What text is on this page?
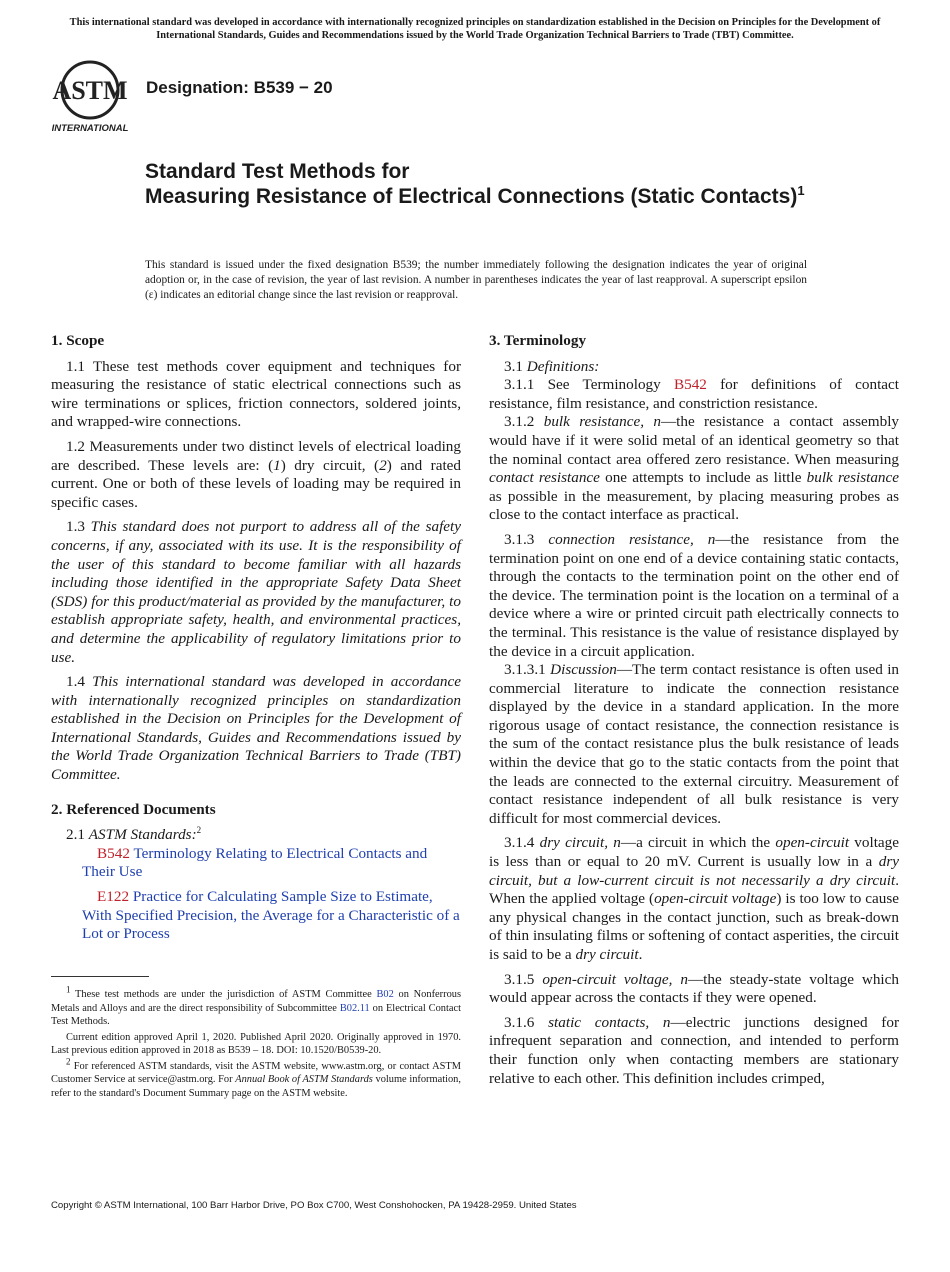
This international standard was developed in accordance with internationally recognized principles on standardization established in the Decision on Principles for the Development of International Standards, Guides and Recommendations issued by the World Trade Organization Technical Barriers to Trade (TBT) Committee.
ASTM
INTERNATIONAL
Designation: B539 − 20
Standard Test Methods for
Measuring Resistance of Electrical Connections (Static Contacts)$^1$
This standard is issued under the fixed designation B539; the number immediately following the designation indicates the year of original adoption or, in the case of revision, the year of last revision. A number in parentheses indicates the year of last reapproval. A superscript epsilon (ε) indicates an editorial change since the last revision or reapproval.
1. Scope

1.1 These test methods cover equipment and techniques for measuring the resistance of static electrical connections such as wire terminations or splices, friction connectors, soldered joints, and wrapped-wire connections.

1.2 Measurements under two distinct levels of electrical loading are described. These levels are: (1) dry circuit, (2) and rated current. One or both of these levels of loading may be required in specific cases.

1.3 This standard does not purport to address all of the safety concerns, if any, associated with its use. It is the responsibility of the user of this standard to become familiar with all hazards including those identified in the appropriate Safety Data Sheet (SDS) for this product/material as provided by the manufacturer, to establish appropriate safety, health, and environmental practices, and determine the applicability of regulatory limitations prior to use.

1.4 This international standard was developed in accordance with internationally recognized principles on standardization established in the Decision on Principles for the Development of International Standards, Guides and Recommendations issued by the World Trade Organization Technical Barriers to Trade (TBT) Committee.

2. Referenced Documents

2.1 ASTM Standards:$^2$

B542 Terminology Relating to Electrical Contacts and Their Use

E122 Practice for Calculating Sample Size to Estimate, With Specified Precision, the Average for a Characteristic of a Lot or Process

$^1$ These test methods are under the jurisdiction of ASTM Committee B02 on Nonferrous Metals and Alloys and are the direct responsibility of Subcommittee B02.11 on Electrical Contact Test Methods.

Current edition approved April 1, 2020. Published April 2020. Originally approved in 1970. Last previous edition approved in 2018 as B539 – 18. DOI: 10.1520/B0539-20.

$^2$ For referenced ASTM standards, visit the ASTM website, www.astm.org, or contact ASTM Customer Service at service@astm.org. For Annual Book of ASTM Standards volume information, refer to the standard's Document Summary page on the ASTM website.

3. Terminology

3.1 Definitions:

3.1.1 See Terminology B542 for definitions of contact resistance, film resistance, and constriction resistance.

3.1.2 bulk resistance, n—the resistance a contact assembly would have if it were solid metal of an identical geometry so that the nominal contact area offered zero resistance. When measuring contact resistance one attempts to include as little bulk resistance as possible in the measurement, by placing measuring probes as close to the contact interface as practical.

3.1.3 connection resistance, n—the resistance from the termination point on one end of a device containing static contacts, through the contacts to the termination point on the other end of the device. The termination point is the location on a terminal of a device where a wire or printed circuit path electrically connects to the terminal. This resistance is the value of resistance displayed by the device in a circuit application.

3.1.3.1 Discussion—The term contact resistance is often used in commercial literature to indicate the connection resistance displayed by the device in a standard application. In the more rigorous usage of contact resistance, the connection resistance is the sum of the contact resistance plus the bulk resistance of leads within the device that go to the static contacts from the point that the leads are connected to the external circuitry. Measurement of contact resistance independent of all bulk resistance is very difficult for most commercial devices.

3.1.4 dry circuit, n—a circuit in which the open-circuit voltage is less than or equal to 20 mV. Current is usually low in a dry circuit, but a low-current circuit is not necessarily a dry circuit. When the applied voltage (open-circuit voltage) is too low to cause any physical changes in the contact junction, such as break-down of thin insulating films or softening of contact asperities, the circuit is said to be a dry circuit.

3.1.5 open-circuit voltage, n—the steady-state voltage which would appear across the contacts if they were opened.

3.1.6 static contacts, n—electric junctions designed for infrequent separation and connection, and intended to perform their function only when contacting members are stationary relative to each other. This definition includes crimped,

Copyright © ASTM International, 100 Barr Harbor Drive, PO Box C700, West Conshohocken, PA 19428-2959. United States
